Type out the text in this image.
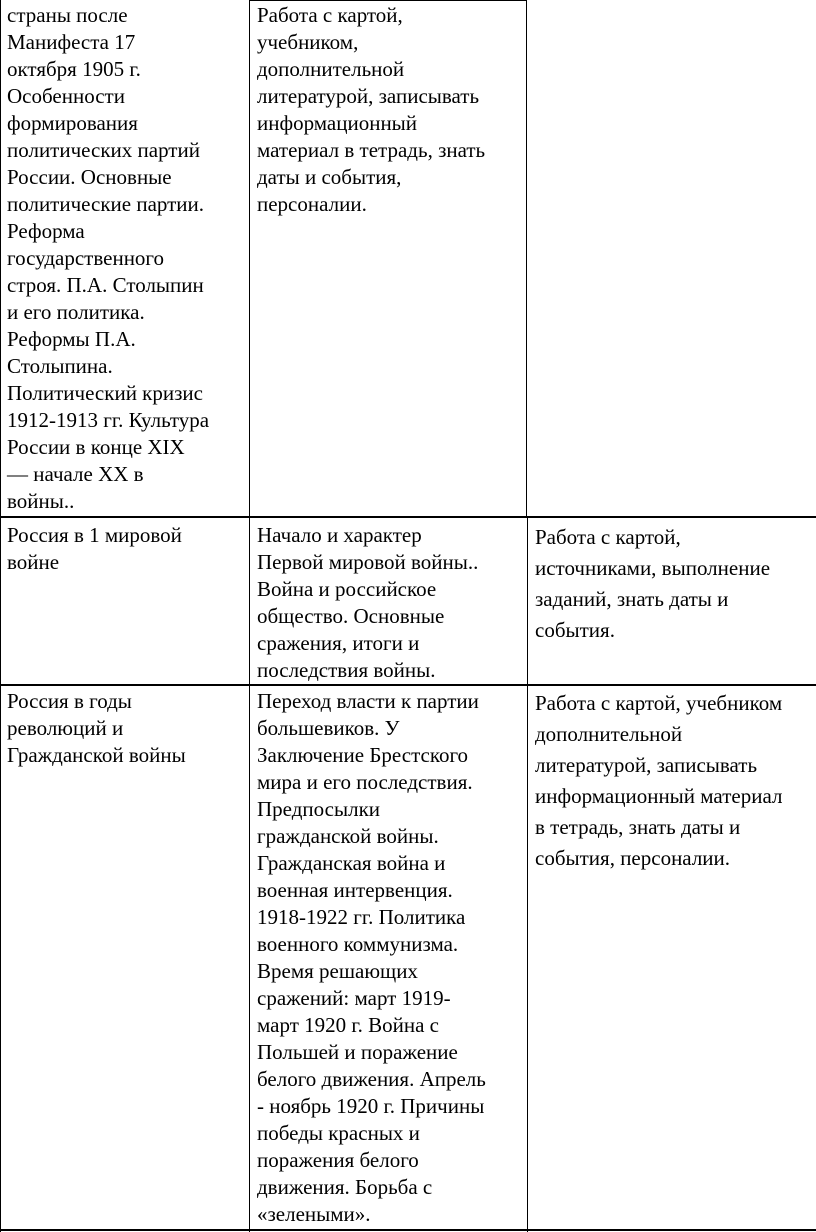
страны после
Манифеста 17
октября 1905 г.
Особенности
формирования
политических партий
России. Основные
политические партии.
Реформа
государственного
строя. П.А. Столыпин
и его политика.
Реформы П.А.
Столыпина.
Политический кризис
1912-1913 гг. Культура
России в конце XIX
— начале XX в
войны..
Работа с картой,
учебником,
дополнительной
литературой, записывать
информационный
материал в тетрадь, знать
даты и события,
персоналии.
Россия в 1 мировой
войне
Начало и характер
Первой мировой войны..
Война и российское
общество. Основные
сражения, итоги и
последствия войны.
Работа с картой,
источниками, выполнение
заданий, знать даты и
события.
Россия в годы
революций и
Гражданской войны
Переход власти к партии
большевиков. У
Заключение Брестского
мира и его последствия.
Предпосылки
гражданской войны.
Гражданская война и
военная интервенция.
1918-1922 гг. Политика
военного коммунизма.
Время решающих
сражений: март 1919-
март 1920 г. Война с
Польшей и поражение
белого движения. Апрель
- ноябрь 1920 г. Причины
победы красных и
поражения белого
движения. Борьба с
«зелеными».
Работа с картой, учебником
дополнительной
литературой, записывать
информационный материал
в тетрадь, знать даты и
события, персоналии.
